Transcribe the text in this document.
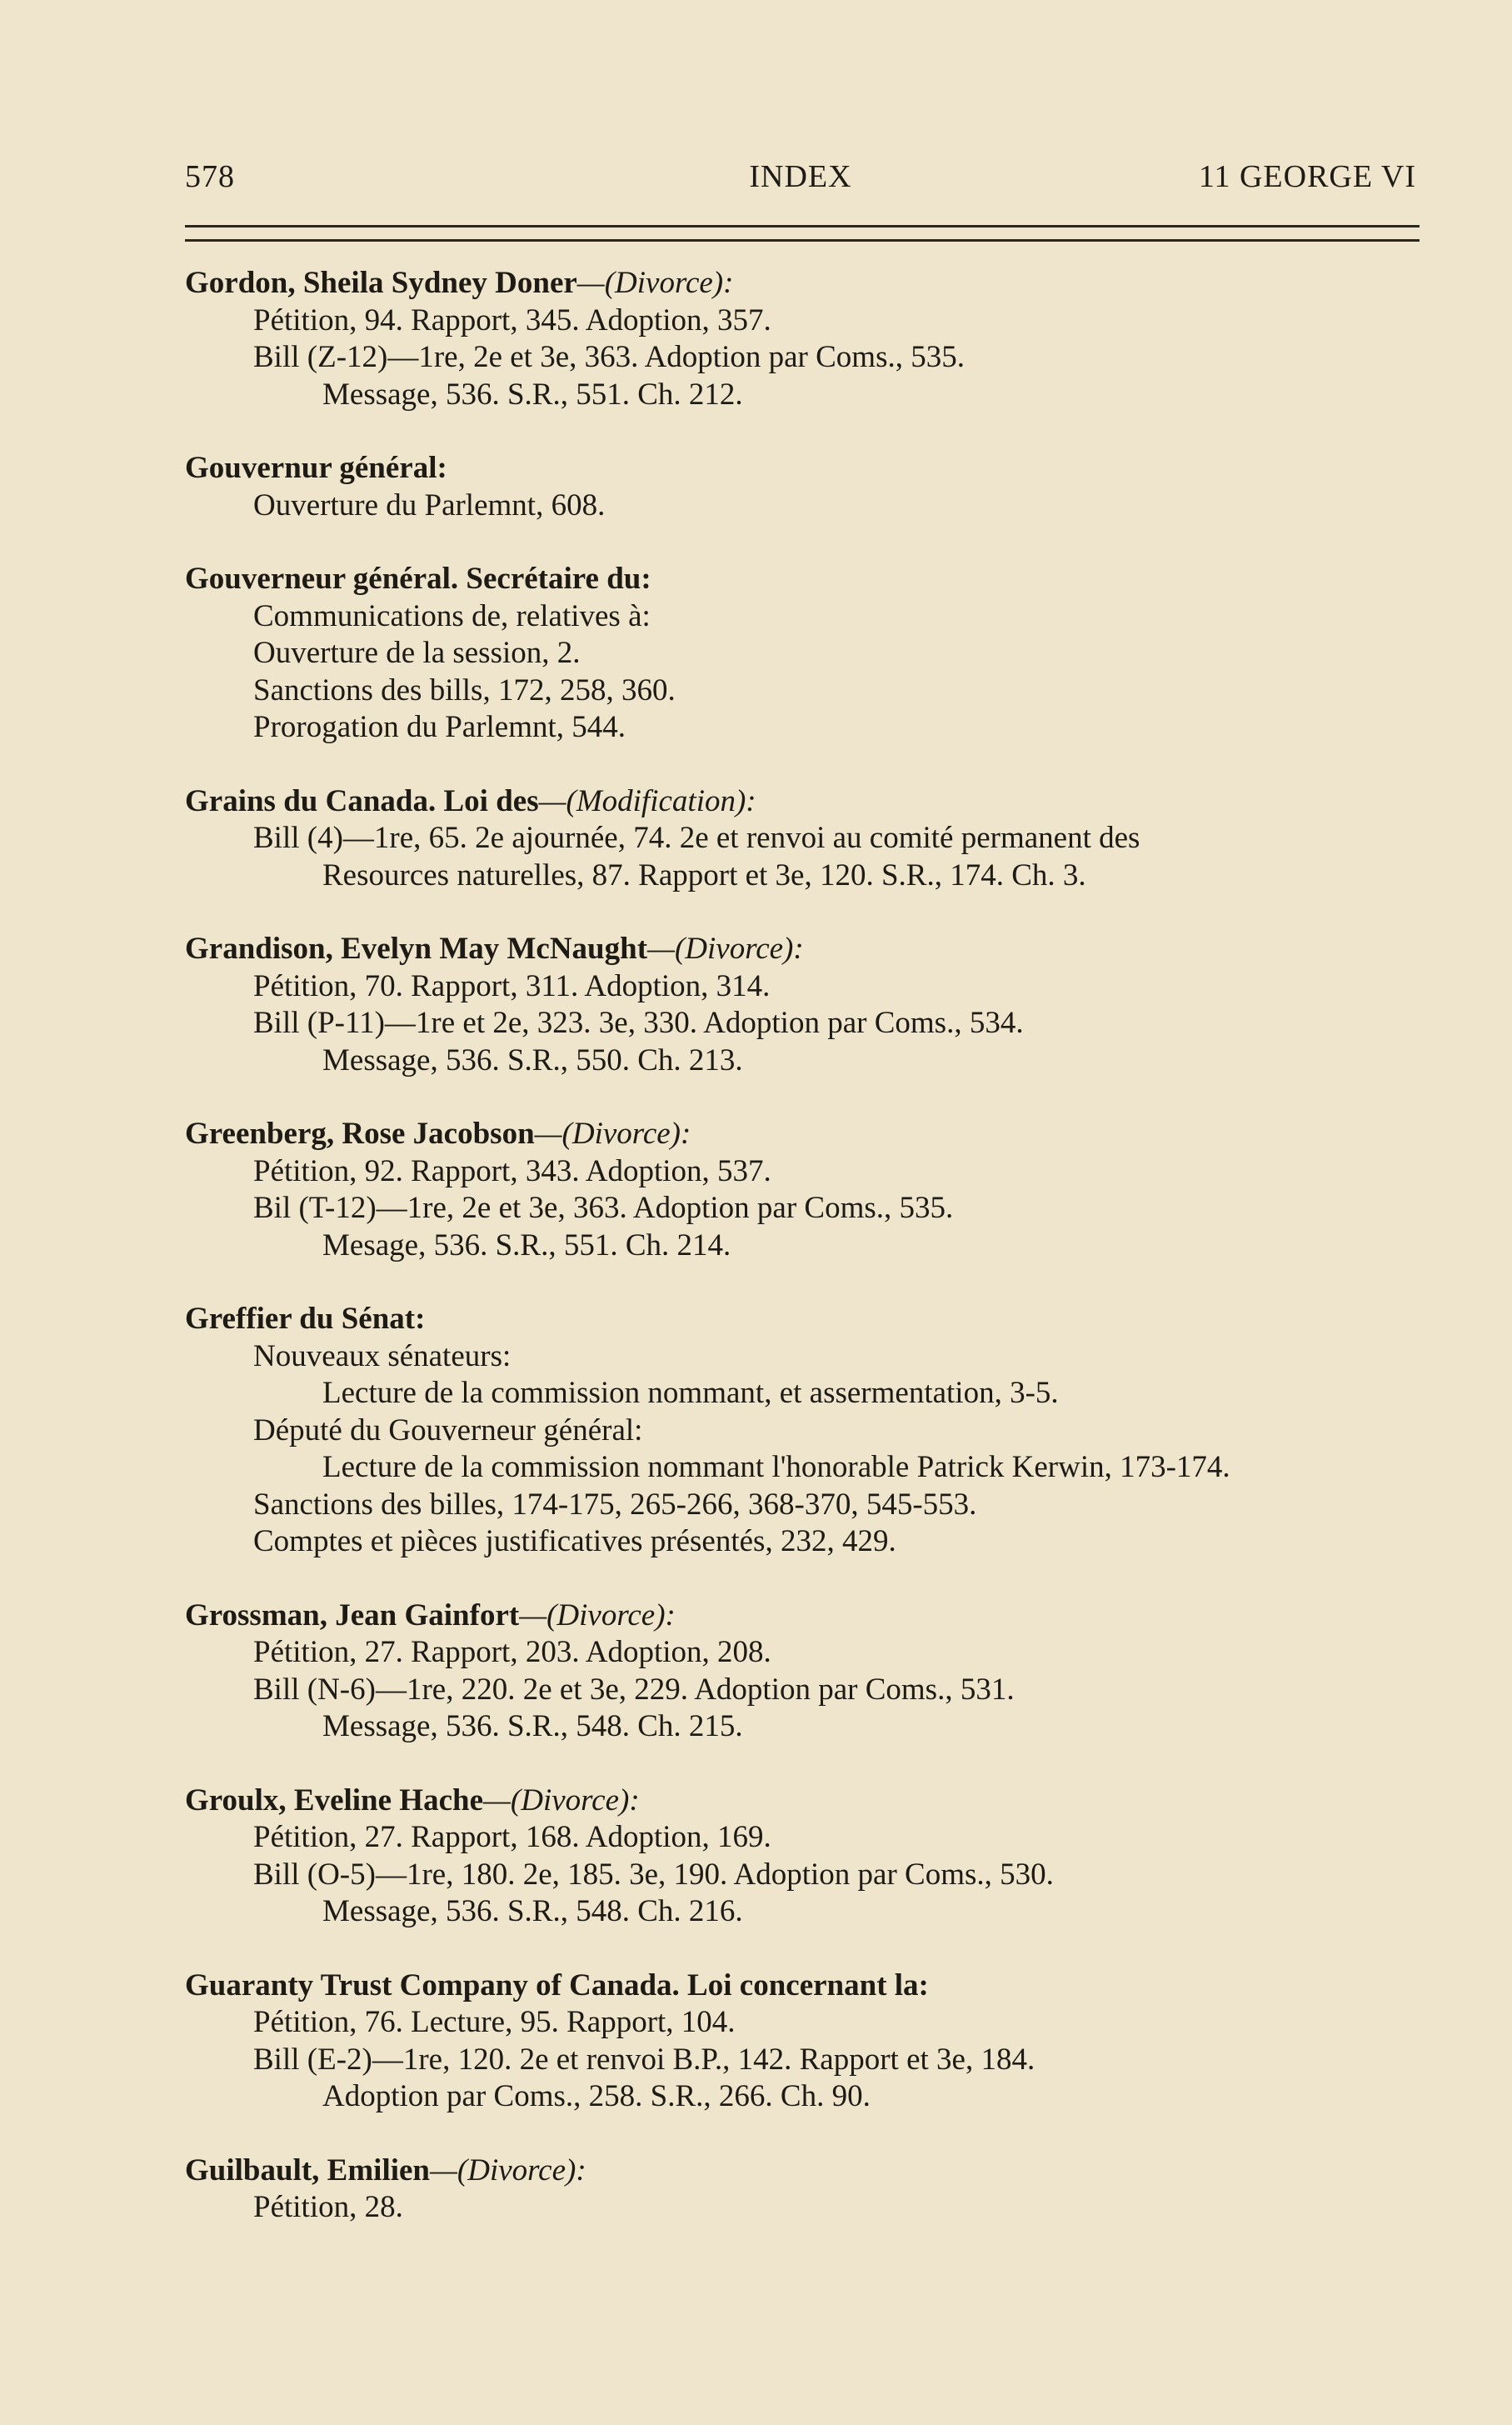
578	INDEX	11 GEORGE VI
Gordon, Sheila Sydney Doner—(Divorce):
Pétition, 94. Rapport, 345. Adoption, 357.
Bill (Z-12)—1re, 2e et 3e, 363. Adoption par Coms., 535.
Message, 536. S.R., 551. Ch. 212.
Gouvernur général:
Ouverture du Parlemnt, 608.
Gouverneur général. Secrétaire du:
Communications de, relatives à:
Ouverture de la session, 2.
Sanctions des bills, 172, 258, 360.
Prorogation du Parlemnt, 544.
Grains du Canada. Loi des—(Modification):
Bill (4)—1re, 65. 2e ajournée, 74. 2e et renvoi au comité permanent des
Resources naturelles, 87. Rapport et 3e, 120. S.R., 174. Ch. 3.
Grandison, Evelyn May McNaught—(Divorce):
Pétition, 70. Rapport, 311. Adoption, 314.
Bill (P-11)—1re et 2e, 323. 3e, 330. Adoption par Coms., 534.
Message, 536. S.R., 550. Ch. 213.
Greenberg, Rose Jacobson—(Divorce):
Pétition, 92. Rapport, 343. Adoption, 537.
Bil (T-12)—1re, 2e et 3e, 363. Adoption par Coms., 535.
Mesage, 536. S.R., 551. Ch. 214.
Greffier du Sénat:
Nouveaux sénateurs:
Lecture de la commission nommant, et assermentation, 3-5.
Député du Gouverneur général:
Lecture de la commission nommant l'honorable Patrick Kerwin, 173-174.
Sanctions des billes, 174-175, 265-266, 368-370, 545-553.
Comptes et pièces justificatives présentés, 232, 429.
Grossman, Jean Gainfort—(Divorce):
Pétition, 27. Rapport, 203. Adoption, 208.
Bill (N-6)—1re, 220. 2e et 3e, 229. Adoption par Coms., 531.
Message, 536. S.R., 548. Ch. 215.
Groulx, Eveline Hache—(Divorce):
Pétition, 27. Rapport, 168. Adoption, 169.
Bill (O-5)—1re, 180. 2e, 185. 3e, 190. Adoption par Coms., 530.
Message, 536. S.R., 548. Ch. 216.
Guaranty Trust Company of Canada. Loi concernant la:
Pétition, 76. Lecture, 95. Rapport, 104.
Bill (E-2)—1re, 120. 2e et renvoi B.P., 142. Rapport et 3e, 184.
Adoption par Coms., 258. S.R., 266. Ch. 90.
Guilbault, Emilien—(Divorce):
Pétition, 28.
